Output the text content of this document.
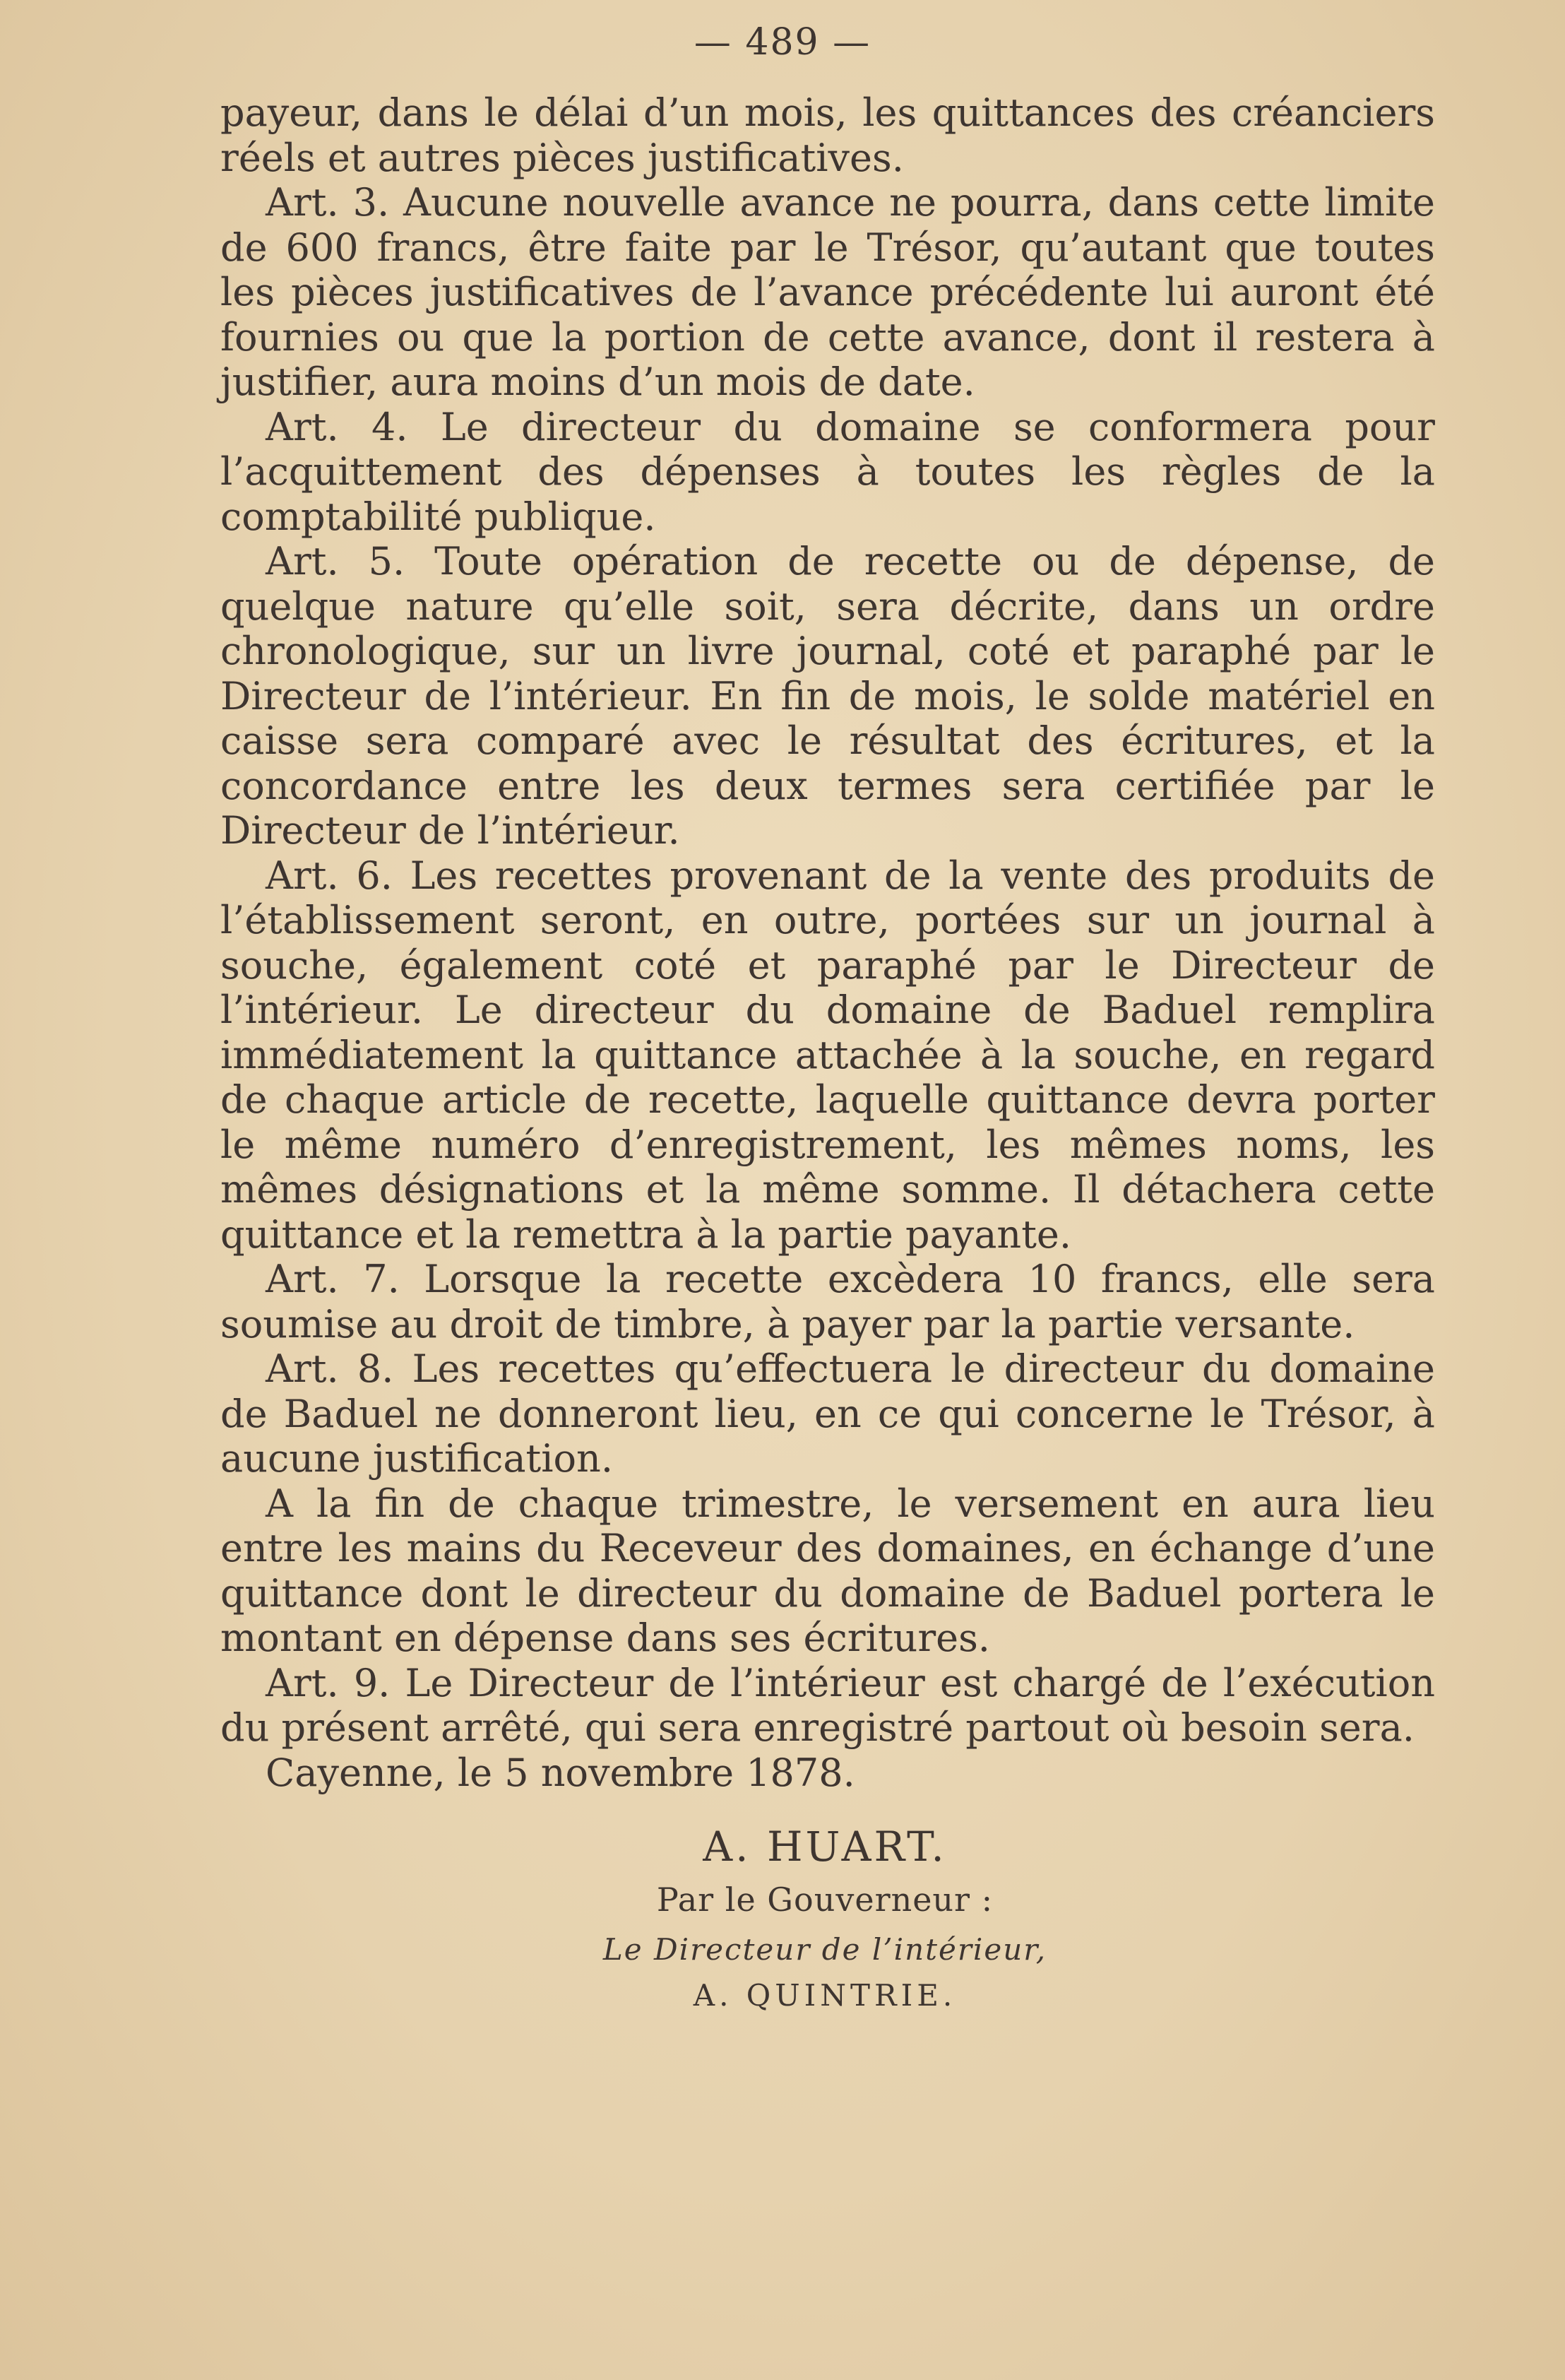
— 489 —

payeur, dans le délai d’un mois, les quittances des créanciers réels et autres pièces justificatives.

Art. 3. Aucune nouvelle avance ne pourra, dans cette limite de 600 francs, être faite par le Trésor, qu’autant que toutes les pièces justificatives de l’avance précédente lui auront été fournies ou que la portion de cette avance, dont il restera à justifier, aura moins d’un mois de date.

Art. 4. Le directeur du domaine se conformera pour l’acquittement des dépenses à toutes les règles de la comptabilité publique.

Art. 5. Toute opération de recette ou de dépense, de quelque nature qu’elle soit, sera décrite, dans un ordre chronologique, sur un livre journal, coté et paraphé par le Directeur de l’intérieur. En fin de mois, le solde matériel en caisse sera comparé avec le résultat des écritures, et la concordance entre les deux termes sera certifiée par le Directeur de l’intérieur.

Art. 6. Les recettes provenant de la vente des produits de l’établissement seront, en outre, portées sur un journal à souche, également coté et paraphé par le Directeur de l’intérieur. Le directeur du domaine de Baduel remplira immédiatement la quittance attachée à la souche, en regard de chaque article de recette, laquelle quittance devra porter le même numéro d’enregistrement, les mêmes noms, les mêmes désignations et la même somme. Il détachera cette quittance et la remettra à la partie payante.

Art. 7. Lorsque la recette excèdera 10 francs, elle sera soumise au droit de timbre, à payer par la partie versante.

Art. 8. Les recettes qu’effectuera le directeur du domaine de Baduel ne donneront lieu, en ce qui concerne le Trésor, à aucune justification.

A la fin de chaque trimestre, le versement en aura lieu entre les mains du Receveur des domaines, en échange d’une quittance dont le directeur du domaine de Baduel portera le montant en dépense dans ses écritures.

Art. 9. Le Directeur de l’intérieur est chargé de l’exécution du présent arrêté, qui sera enregistré partout où besoin sera.

Cayenne, le 5 novembre 1878.

A. HUART.
Par le Gouverneur :
Le Directeur de l’intérieur,
A. QUINTRIE.
